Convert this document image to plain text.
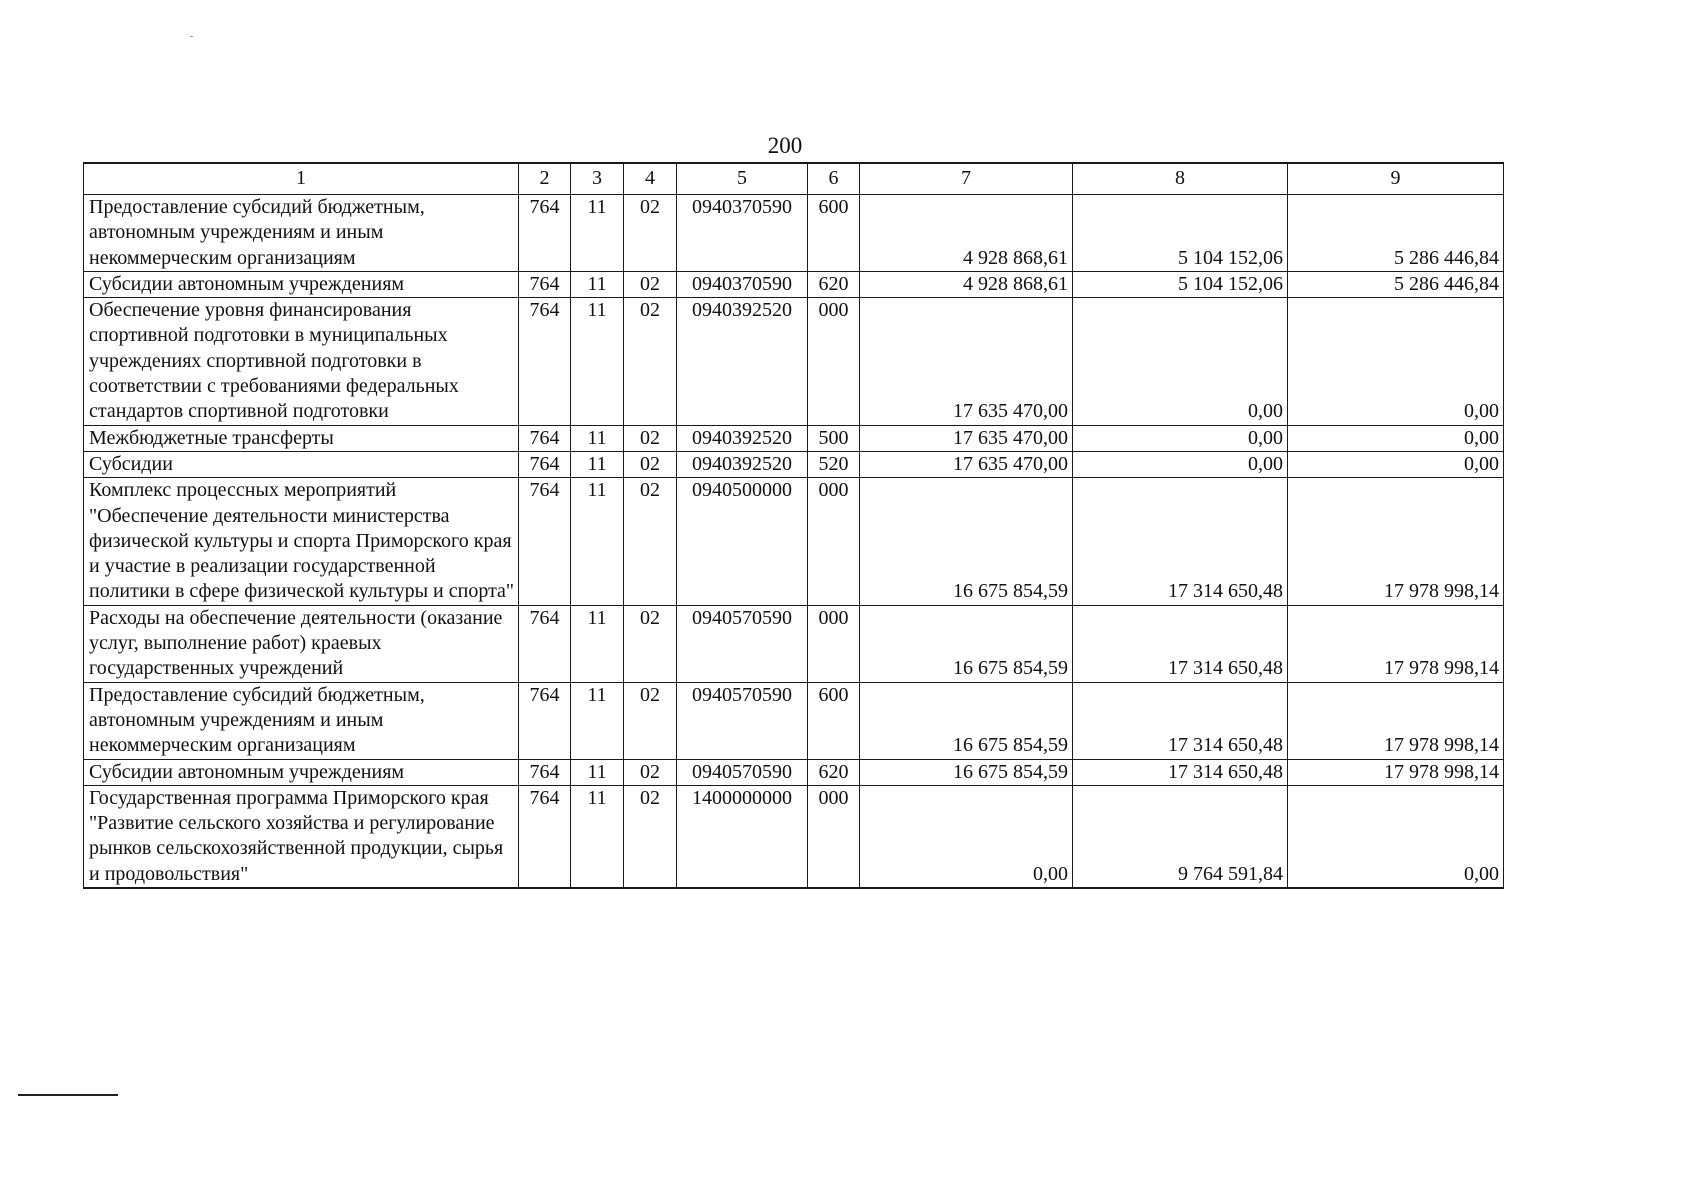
200
1	2	3	4	5	6	7	8	9
Предоставление субсидий бюджетным, автономным учреждениям и иным некоммерческим организациям	764	11	02	0940370590	600	4 928 868,61	5 104 152,06	5 286 446,84
Субсидии автономным учреждениям	764	11	02	0940370590	620	4 928 868,61	5 104 152,06	5 286 446,84
Обеспечение уровня финансирования спортивной подготовки в муниципальных учреждениях спортивной подготовки в соответствии с требованиями федеральных стандартов спортивной подготовки	764	11	02	0940392520	000	17 635 470,00	0,00	0,00
Межбюджетные трансферты	764	11	02	0940392520	500	17 635 470,00	0,00	0,00
Субсидии	764	11	02	0940392520	520	17 635 470,00	0,00	0,00
Комплекс процессных мероприятий "Обеспечение деятельности министерства физической культуры и спорта Приморского края и участие в реализации государственной политики в сфере физической культуры и спорта"	764	11	02	0940500000	000	16 675 854,59	17 314 650,48	17 978 998,14
Расходы на обеспечение деятельности (оказание услуг, выполнение работ) краевых государственных учреждений	764	11	02	0940570590	000	16 675 854,59	17 314 650,48	17 978 998,14
Предоставление субсидий бюджетным, автономным учреждениям и иным некоммерческим организациям	764	11	02	0940570590	600	16 675 854,59	17 314 650,48	17 978 998,14
Субсидии автономным учреждениям	764	11	02	0940570590	620	16 675 854,59	17 314 650,48	17 978 998,14
Государственная программа Приморского края "Развитие сельского хозяйства и регулирование рынков сельскохозяйственной продукции, сырья и продовольствия"	764	11	02	1400000000	000	0,00	9 764 591,84	0,00
